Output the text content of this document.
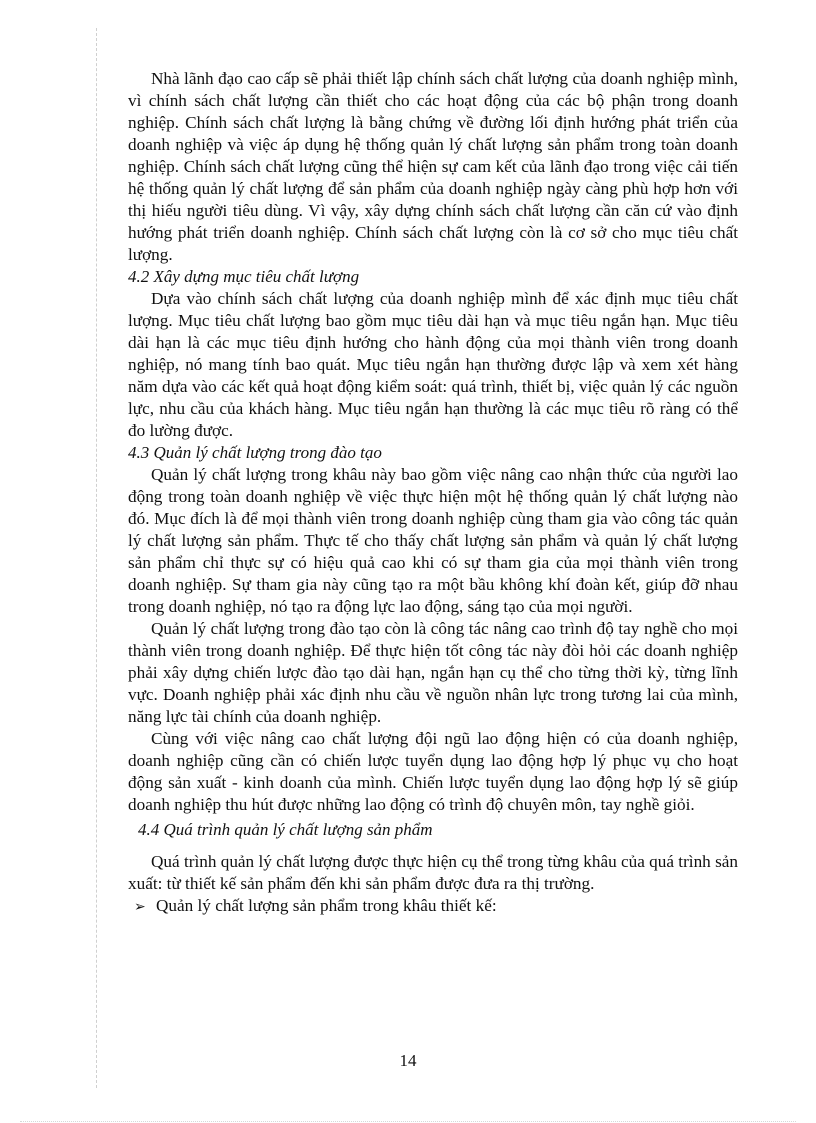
Nhà lãnh đạo cao cấp sẽ phải thiết lập chính sách chất lượng của doanh nghiệp mình, vì chính sách chất lượng cần thiết cho các hoạt động của các bộ phận trong doanh nghiệp. Chính sách chất lượng là bằng chứng về đường lối định hướng phát triển của doanh nghiệp và việc áp dụng hệ thống quản lý chất lượng sản phẩm trong toàn doanh nghiệp. Chính sách chất lượng cũng thể hiện sự cam kết của lãnh đạo trong việc cải tiến hệ thống quản lý chất lượng để sản phẩm của doanh nghiệp ngày càng phù hợp hơn với thị hiếu người tiêu dùng. Vì vậy, xây dựng chính sách chất lượng cần căn cứ vào định hướng phát triển doanh nghiệp. Chính sách chất lượng còn là cơ sở cho mục tiêu chất lượng.

4.2 Xây dựng mục tiêu chất lượng

Dựa vào chính sách chất lượng của doanh nghiệp mình để xác định mục tiêu chất lượng. Mục tiêu chất lượng bao gồm mục tiêu dài hạn và mục tiêu ngắn hạn. Mục tiêu dài hạn là các mục tiêu định hướng cho hành động của mọi thành viên trong doanh nghiệp, nó mang tính bao quát. Mục tiêu ngắn hạn thường được lập và xem xét hàng năm dựa vào các kết quả hoạt động kiểm soát: quá trình, thiết bị, việc quản lý các nguồn lực, nhu cầu của khách hàng. Mục tiêu ngắn hạn thường là các mục tiêu rõ ràng có thể đo lường được.

4.3 Quản lý chất lượng trong đào tạo

Quản lý chất lượng trong khâu này bao gồm việc nâng cao nhận thức của người lao động trong toàn doanh nghiệp về việc thực hiện một hệ thống quản lý chất lượng nào đó. Mục đích là để mọi thành viên trong doanh nghiệp cùng tham gia vào công tác quản lý chất lượng sản phẩm. Thực tế cho thấy chất lượng sản phẩm và quản lý chất lượng sản phẩm chỉ thực sự có hiệu quả cao khi có sự tham gia của mọi thành viên trong doanh nghiệp. Sự tham gia này cũng tạo ra một bầu không khí đoàn kết, giúp đỡ nhau trong doanh nghiệp, nó tạo ra động lực lao động, sáng tạo của mọi người.

Quản lý chất lượng trong đào tạo còn là công tác nâng cao trình độ tay nghề cho mọi thành viên trong doanh nghiệp. Để thực hiện tốt công tác này đòi hỏi các doanh nghiệp phải xây dựng chiến lược đào tạo dài hạn, ngắn hạn cụ thể cho từng thời kỳ, từng lĩnh vực. Doanh nghiệp phải xác định nhu cầu về nguồn nhân lực trong tương lai của mình, năng lực tài chính của doanh nghiệp.

Cùng với việc nâng cao chất lượng đội ngũ lao động hiện có của doanh nghiệp, doanh nghiệp cũng cần có chiến lược tuyển dụng lao động hợp lý phục vụ cho hoạt động sản xuất - kinh doanh của mình. Chiến lược tuyển dụng lao động hợp lý sẽ giúp doanh nghiệp thu hút được những lao động có trình độ chuyên môn, tay nghề giỏi.

4.4 Quá trình quản lý chất lượng sản phẩm

Quá trình quản lý chất lượng được thực hiện cụ thể trong từng khâu của quá trình sản xuất: từ thiết kế sản phẩm đến khi sản phẩm được đưa ra thị trường.

➢ Quản lý chất lượng sản phẩm trong khâu thiết kế:
14
